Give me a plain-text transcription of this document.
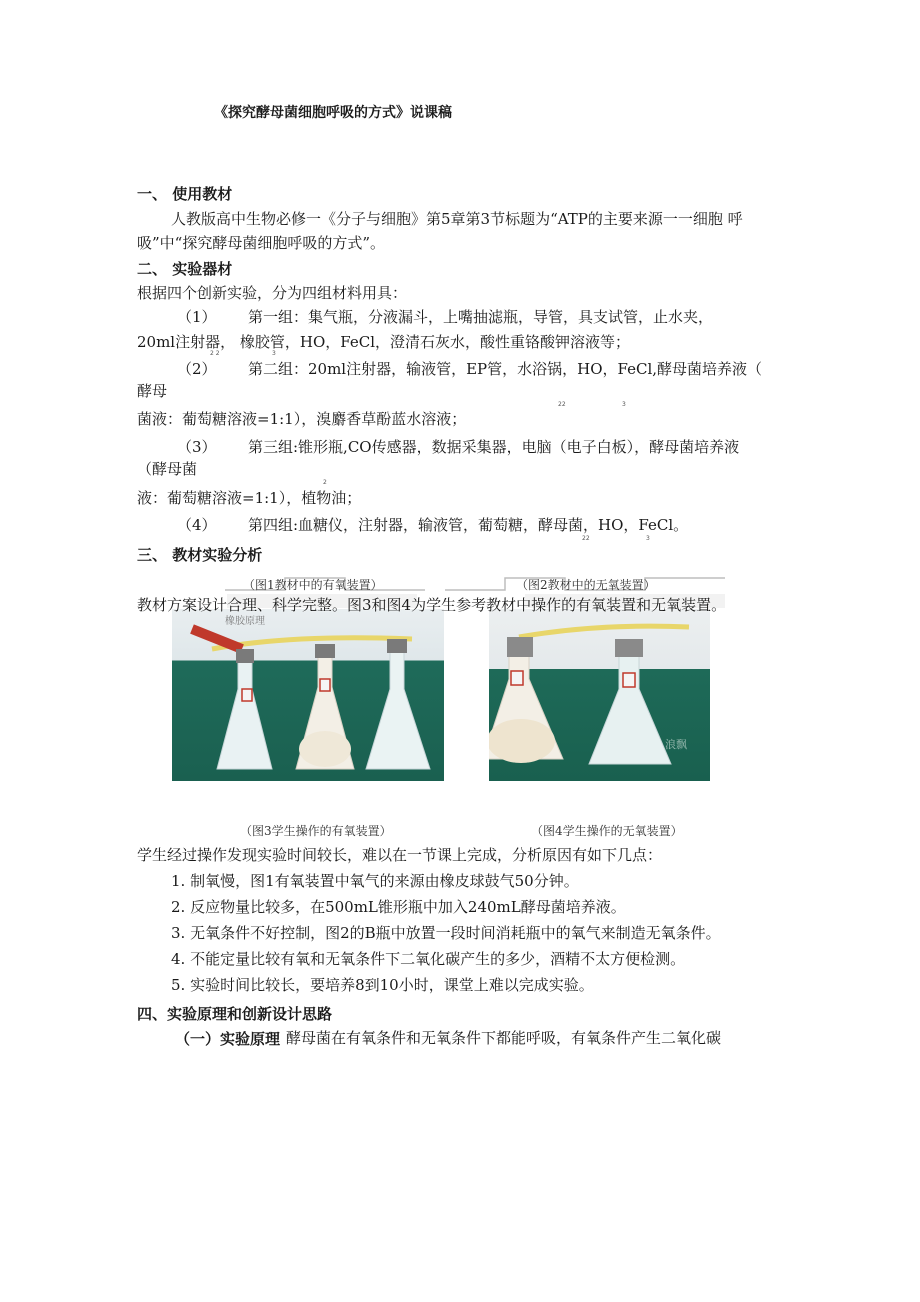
《探究酵母菌细胞呼吸的方式》说课稿
一、 使用教材
人教版高中生物必修一《分子与细胞》第5章第3节标题为“ATP的主要来源一一细胞 呼
吸”中“探究酵母菌细胞呼吸的方式”。
二、 实验器材
根据四个创新实验，分为四组材料用具：
（1） 第一组：集气瓶，分液漏斗，上嘴抽滤瓶，导管，具支试管，止水夹，
20ml注射器， 橡胶管，HO，FeCl，澄清石灰水，酸性重铬酸钾溶液等；
2 2	3
（2） 第二组：20ml注射器，输液管，EP管，水浴锅，HO，FeCl,酵母菌培养液（
酵母
22	3
菌液：葡萄糖溶液=1:1），溴麝香草酚蓝水溶液；
（3） 第三组:锥形瓶,CO传感器，数据采集器，电脑（电子白板），酵母菌培养液
（酵母菌
2
液：葡萄糖溶液=1:1），植物油；
（4） 第四组:血糖仪，注射器，输液管，葡萄糖，酵母菌，HO，FeCl。
22	3
三、 教材实验分析
（图1教材中的有氧装置）	（图2教材中的无氧装置）
橡胶原理
浪飘
教材方案设计合理、科学完整。图3和图4为学生参考教材中操作的有氧装置和无氧装置。
（图3学生操作的有氧装置）	（图4学生操作的无氧装置）
学生经过操作发现实验时间较长，难以在一节课上完成，分析原因有如下几点：
1. 制氧慢，图1有氧装置中氧气的来源由橡皮球鼓气50分钟。
2. 反应物量比较多，在500mL锥形瓶中加入240mL酵母菌培养液。
3. 无氧条件不好控制，图2的B瓶中放置一段时间消耗瓶中的氧气来制造无氧条件。
4. 不能定量比较有氧和无氧条件下二氧化碳产生的多少，酒精不太方便检测。
5. 实验时间比较长，要培养8到10小时，课堂上难以完成实验。
四、实验原理和创新设计思路
（一）实验原理 酵母菌在有氧条件和无氧条件下都能呼吸，有氧条件产生二氧化碳
